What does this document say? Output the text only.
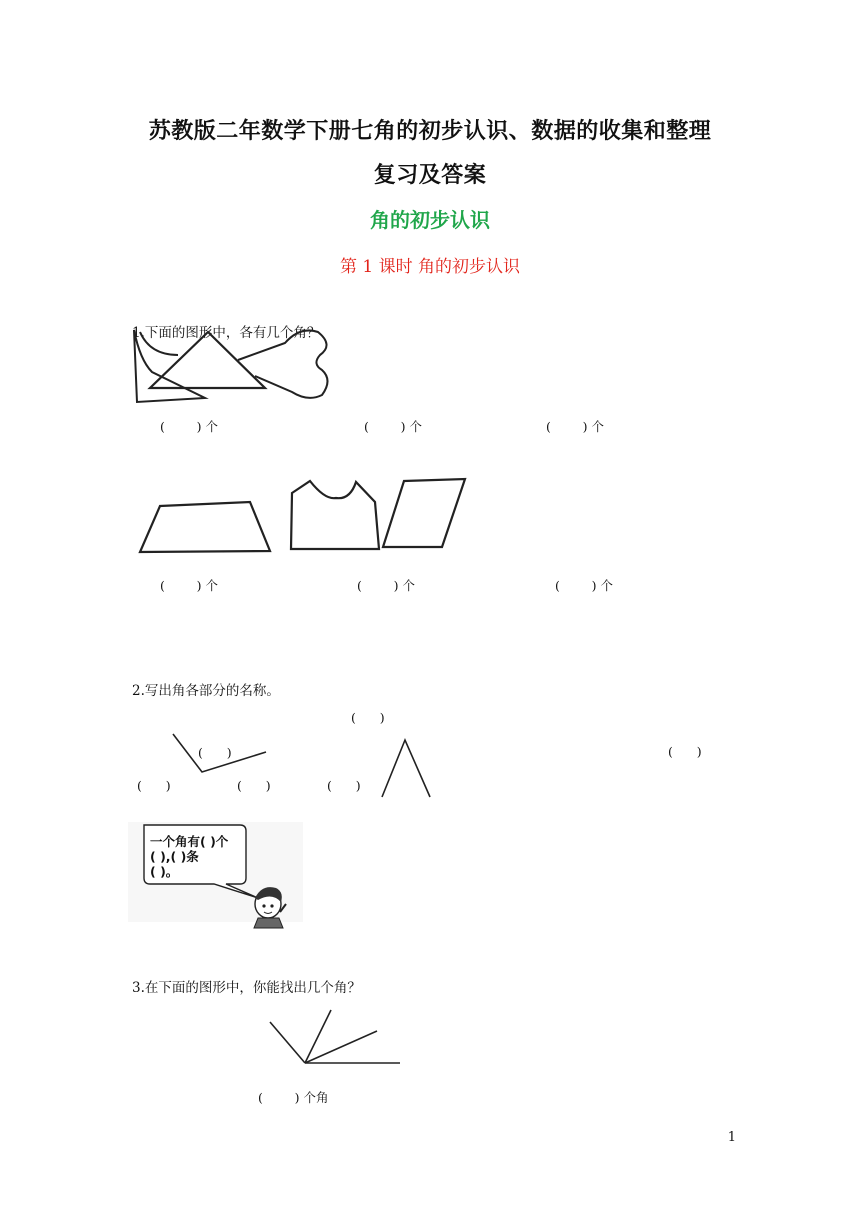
苏教版二年数学下册七角的初步认识、数据的收集和整理
复习及答案
角的初步认识
第 1 课时 角的初步认识
1.下面的图形中，各有几个角？
(        ) 个	(        ) 个	(        ) 个
(        ) 个	(        ) 个	(        ) 个
2.写出角各部分的名称。
(      )
(      )	(      )
(      )	(      )	(      )
一个角有( )个
( ),( )条
( )。
3.在下面的图形中，你能找出几个角？
(        ) 个角
1
